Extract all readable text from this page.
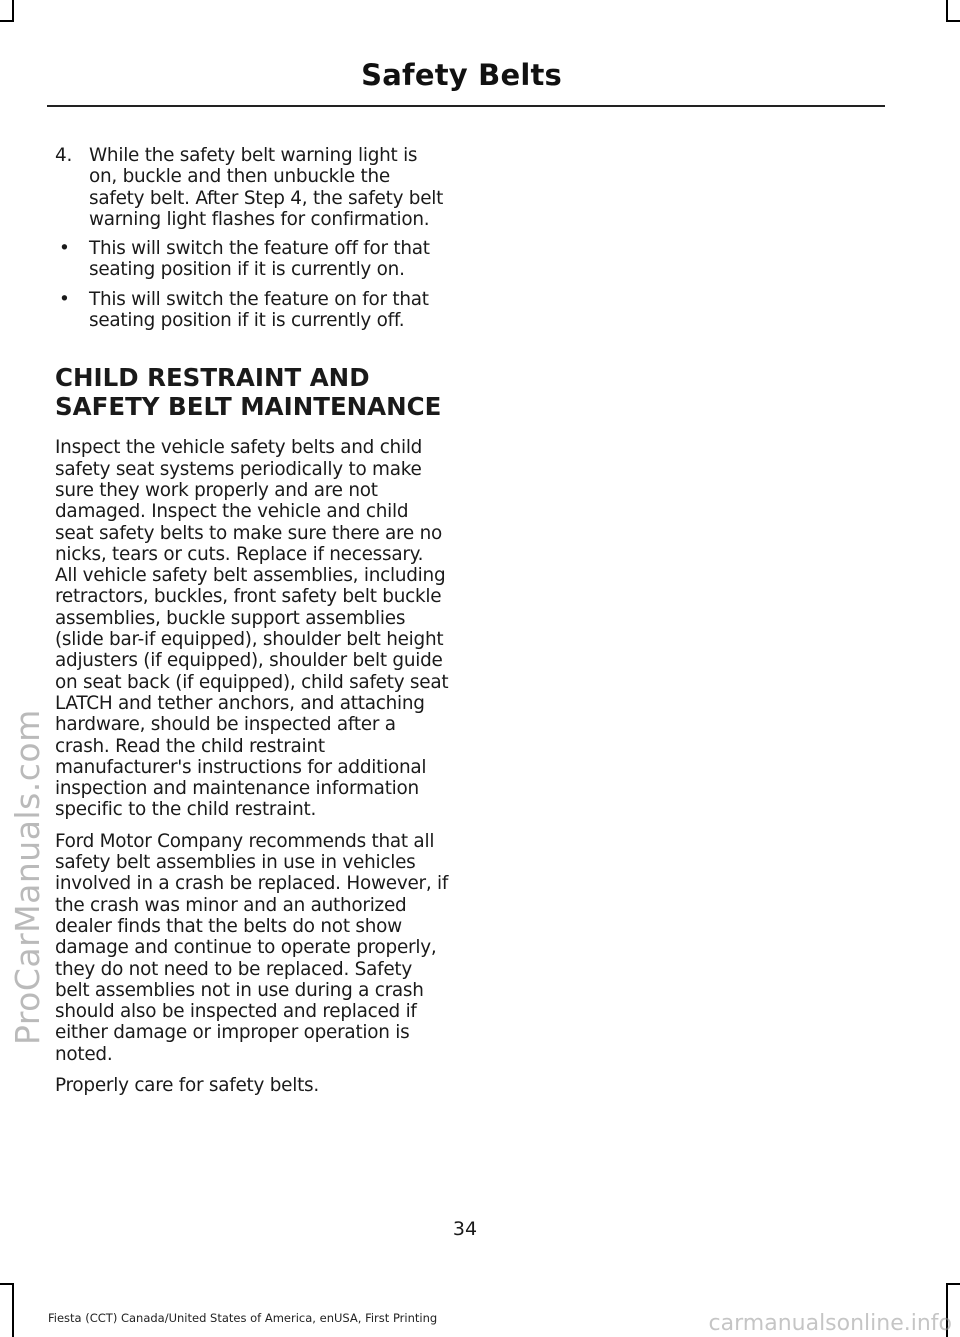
Safety Belts
4. While the safety belt warning light is on, buckle and then unbuckle the safety belt. After Step 4, the safety belt warning light flashes for confirmation.
• This will switch the feature off for that seating position if it is currently on.
• This will switch the feature on for that seating position if it is currently off.
CHILD RESTRAINT AND
SAFETY BELT MAINTENANCE

Inspect the vehicle safety belts and child safety seat systems periodically to make sure they work properly and are not damaged. Inspect the vehicle and child seat safety belts to make sure there are no nicks, tears or cuts. Replace if necessary. All vehicle safety belt assemblies, including retractors, buckles, front safety belt buckle assemblies, buckle support assemblies (slide bar-if equipped), shoulder belt height adjusters (if equipped), shoulder belt guide on seat back (if equipped), child safety seat LATCH and tether anchors, and attaching hardware, should be inspected after a crash. Read the child restraint manufacturer's instructions for additional inspection and maintenance information specific to the child restraint.

Ford Motor Company recommends that all safety belt assemblies in use in vehicles involved in a crash be replaced. However, if the crash was minor and an authorized dealer finds that the belts do not show damage and continue to operate properly, they do not need to be replaced. Safety belt assemblies not in use during a crash should also be inspected and replaced if either damage or improper operation is noted.

Properly care for safety belts.

34
Fiesta (CCT) Canada/United States of America, enUSA, First Printing
ProCarManuals.com
carmanualsonline.info
